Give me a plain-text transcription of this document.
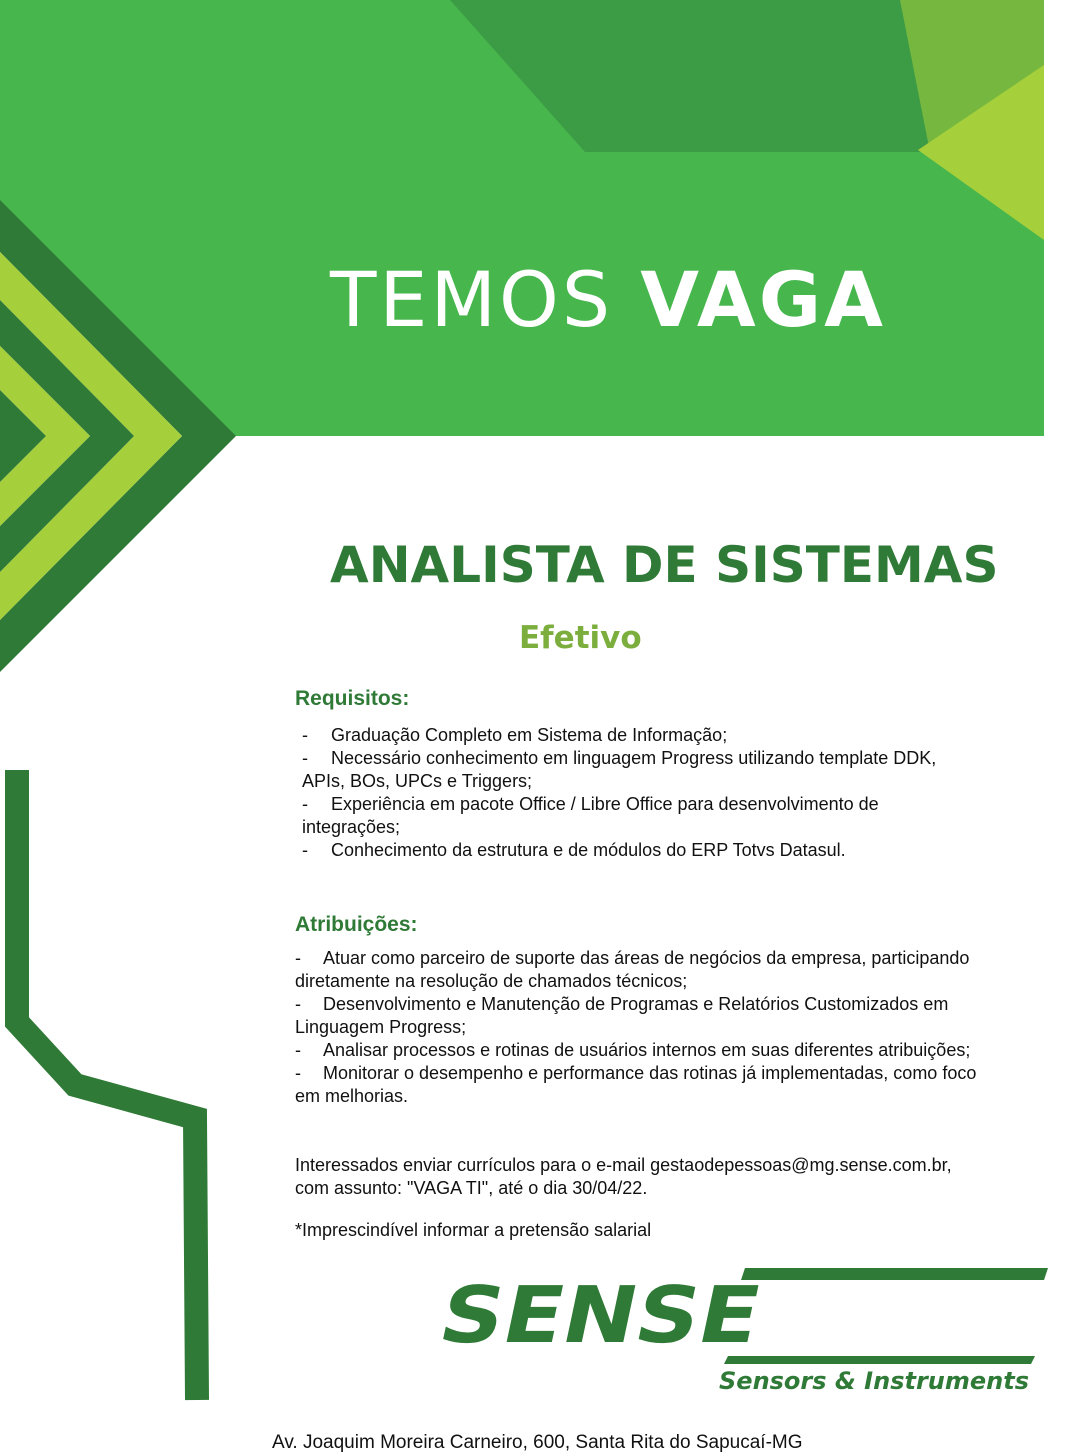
SENSE
TEMOS VAGA
ANALISTA DE SISTEMAS
Efetivo
Requisitos:
- Graduação Completo em Sistema de Informação;
- Necessário conhecimento em linguagem Progress utilizando template DDK,
APIs, BOs, UPCs e Triggers;
- Experiência em pacote Office / Libre Office para desenvolvimento de
integrações;
- Conhecimento da estrutura e de módulos do ERP Totvs Datasul.
Atribuições:
- Atuar como parceiro de suporte das áreas de negócios da empresa, participando
diretamente na resolução de chamados técnicos;
- Desenvolvimento e Manutenção de Programas e Relatórios Customizados em
Linguagem Progress;
- Analisar processos e rotinas de usuários internos em suas diferentes atribuições;
- Monitorar o desempenho e performance das rotinas já implementadas, como foco
em melhorias.

Interessados enviar currículos para o e-mail gestaodepessoas@mg.sense.com.br,
com assunto: "VAGA TI", até o dia 30/04/22.

*Imprescindível informar a pretensão salarial

Sensors & Instruments
Av. Joaquim Moreira Carneiro, 600, Santa Rita do Sapucaí-MG
